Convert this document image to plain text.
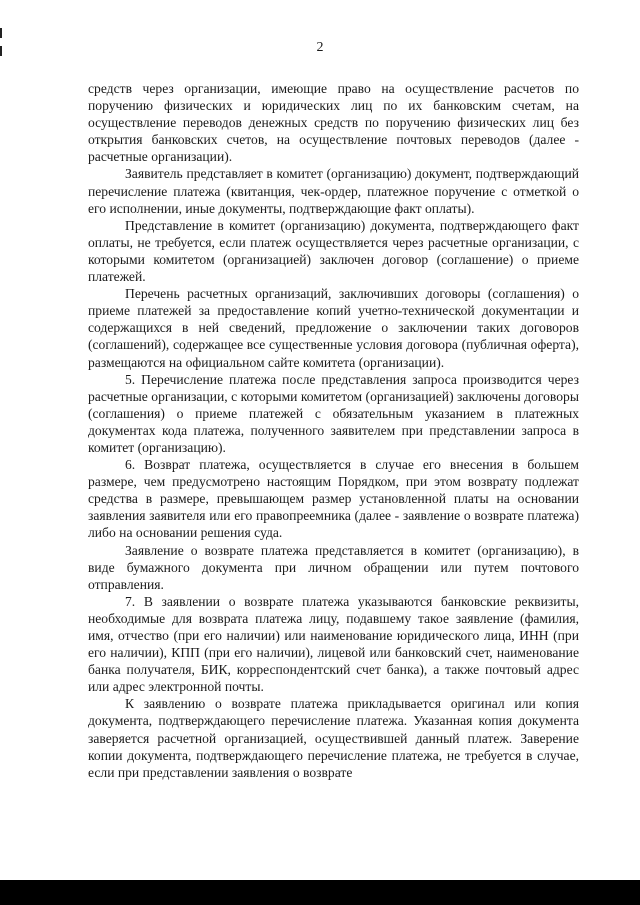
2

средств через организации, имеющие право на осуществление расчетов по поручению физических и юридических лиц по их банковским счетам, на осуществление переводов денежных средств по поручению физических лиц без открытия банковских счетов, на осуществление почтовых переводов (далее - расчетные организации).

Заявитель представляет в комитет (организацию) документ, подтверждающий перечисление платежа (квитанция, чек-ордер, платежное поручение с отметкой о его исполнении, иные документы, подтверждающие факт оплаты).

Представление в комитет (организацию) документа, подтверждающего факт оплаты, не требуется, если платеж осуществляется через расчетные организации, с которыми комитетом (организацией) заключен договор (соглашение) о приеме платежей.

Перечень расчетных организаций, заключивших договоры (соглашения) о приеме платежей за предоставление копий учетно-технической документации и содержащихся в ней сведений, предложение о заключении таких договоров (соглашений), содержащее все существенные условия договора (публичная оферта), размещаются на официальном сайте комитета (организации).

5. Перечисление платежа после представления запроса производится через расчетные организации, с которыми комитетом (организацией) заключены договоры (соглашения) о приеме платежей с обязательным указанием в платежных документах кода платежа, полученного заявителем при представлении запроса в комитет (организацию).

6. Возврат платежа, осуществляется в случае его внесения в большем размере, чем предусмотрено настоящим Порядком, при этом возврату подлежат средства в размере, превышающем размер установленной платы на основании заявления заявителя или его правопреемника (далее - заявление о возврате платежа) либо на основании решения суда.

Заявление о возврате платежа представляется в комитет (организацию), в виде бумажного документа при личном обращении или путем почтового отправления.

7. В заявлении о возврате платежа указываются банковские реквизиты, необходимые для возврата платежа лицу, подавшему такое заявление (фамилия, имя, отчество (при его наличии) или наименование юридического лица, ИНН (при его наличии), КПП (при его наличии), лицевой или банковский счет, наименование банка получателя, БИК, корреспондентский счет банка), а также почтовый адрес или адрес электронной почты.

К заявлению о возврате платежа прикладывается оригинал или копия документа, подтверждающего перечисление платежа. Указанная копия документа заверяется расчетной организацией, осуществившей данный платеж. Заверение копии документа, подтверждающего перечисление платежа, не требуется в случае, если при представлении заявления о возврате
